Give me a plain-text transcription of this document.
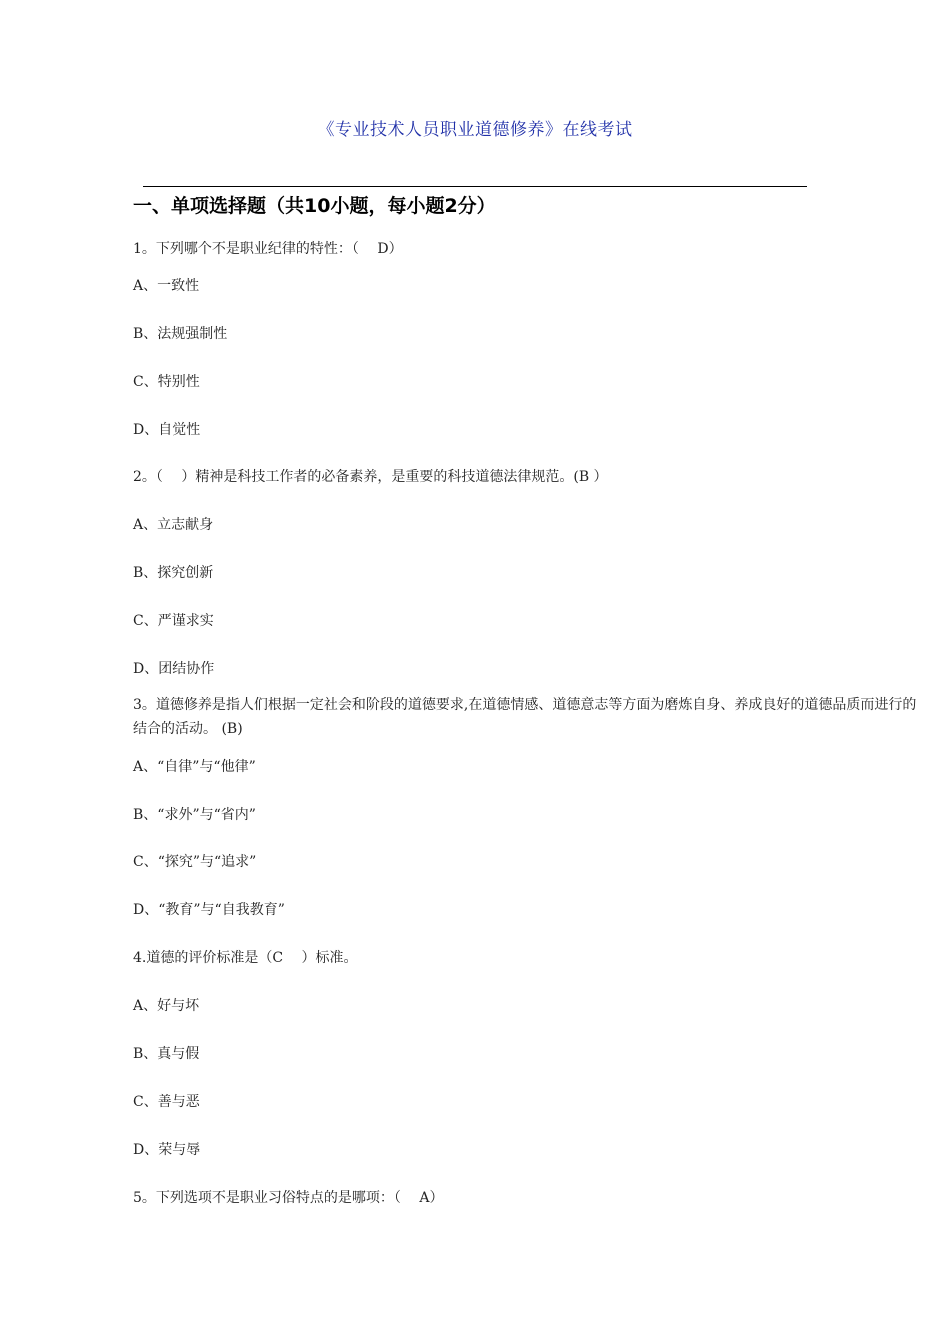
《专业技术人员职业道德修养》在线考试
一、单项选择题（共10小题，每小题2分）
1。下列哪个不是职业纪律的特性：（　 D）
A、一致性
B、法规强制性
C、特别性
D、自觉性
2。（　 ）精神是科技工作者的必备素养，是重要的科技道德法律规范。(B ）
A、立志献身
B、探究创新
C、严谨求实
D、团结协作
3。道德修养是指人们根据一定社会和阶段的道德要求,在道德情感、道德意志等方面为磨炼自身、养成良好的道德品质而进行的
结合的活动。 (B)
A、“自律”与“他律”
B、“求外”与“省内”
C、“探究”与“追求”
D、“教育”与“自我教育”
4.道德的评价标准是（C　 ）标准。
A、好与坏
B、真与假
C、善与恶
D、荣与辱
5。下列选项不是职业习俗特点的是哪项：（　 A）
